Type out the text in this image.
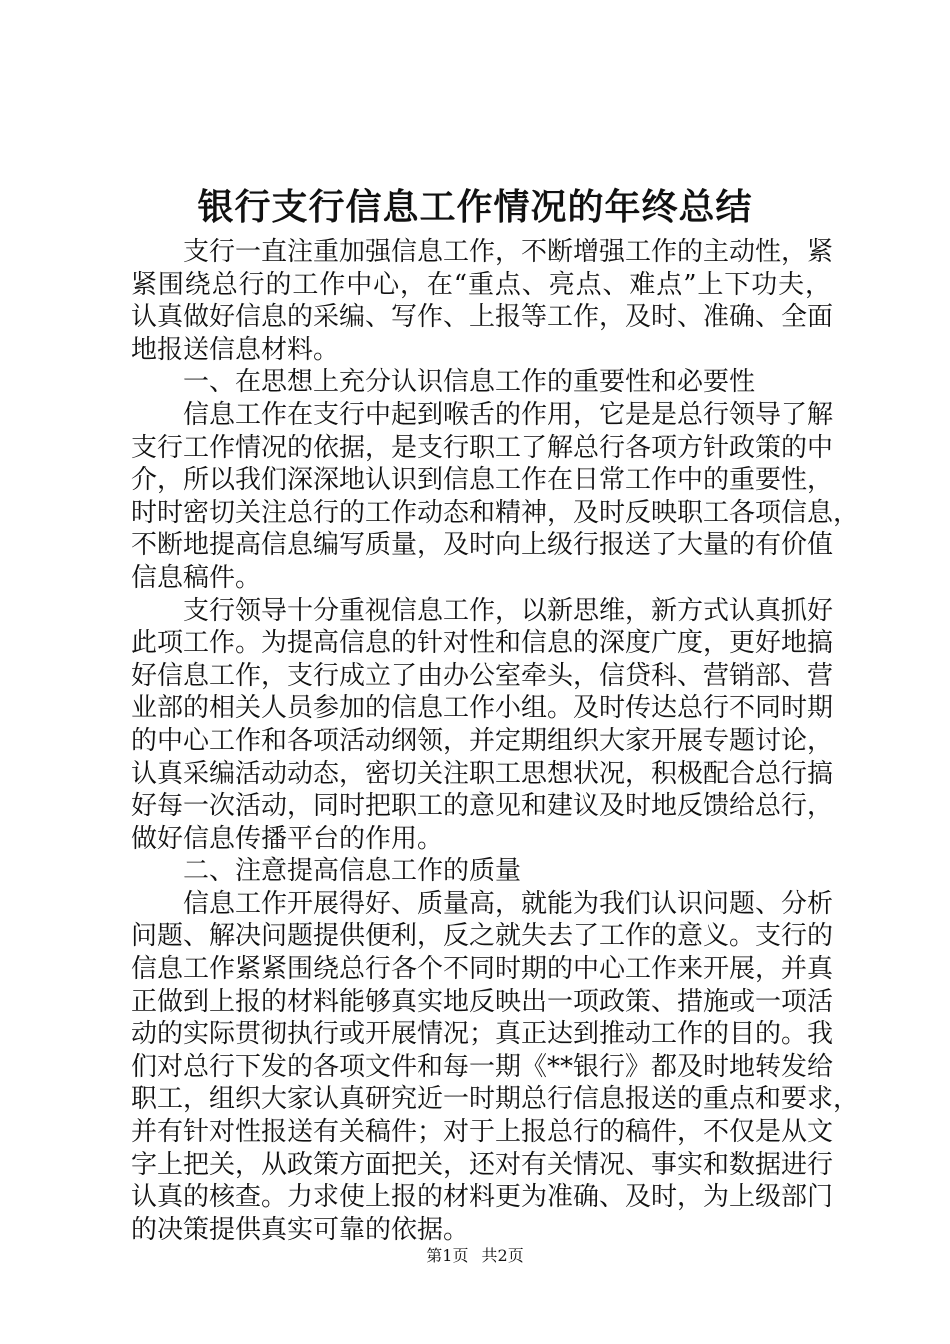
银行支行信息工作情况的年终总结
支行一直注重加强信息工作，不断增强工作的主动性，紧
紧围绕总行的工作中心，在“重点、亮点、难点”上下功夫，
认真做好信息的采编、写作、上报等工作，及时、准确、全面
地报送信息材料。
一、在思想上充分认识信息工作的重要性和必要性
信息工作在支行中起到喉舌的作用，它是是总行领导了解
支行工作情况的依据，是支行职工了解总行各项方针政策的中
介，所以我们深深地认识到信息工作在日常工作中的重要性，
时时密切关注总行的工作动态和精神，及时反映职工各项信息，
不断地提高信息编写质量，及时向上级行报送了大量的有价值
信息稿件。
支行领导十分重视信息工作，以新思维，新方式认真抓好
此项工作。为提高信息的针对性和信息的深度广度，更好地搞
好信息工作，支行成立了由办公室牵头，信贷科、营销部、营
业部的相关人员参加的信息工作小组。及时传达总行不同时期
的中心工作和各项活动纲领，并定期组织大家开展专题讨论，
认真采编活动动态，密切关注职工思想状况，积极配合总行搞
好每一次活动，同时把职工的意见和建议及时地反馈给总行，
做好信息传播平台的作用。
二、注意提高信息工作的质量
信息工作开展得好、质量高，就能为我们认识问题、分析
问题、解决问题提供便利，反之就失去了工作的意义。支行的
信息工作紧紧围绕总行各个不同时期的中心工作来开展，并真
正做到上报的材料能够真实地反映出一项政策、措施或一项活
动的实际贯彻执行或开展情况；真正达到推动工作的目的。我
们对总行下发的各项文件和每一期《**银行》都及时地转发给
职工，组织大家认真研究近一时期总行信息报送的重点和要求，
并有针对性报送有关稿件；对于上报总行的稿件，不仅是从文
字上把关，从政策方面把关，还对有关情况、事实和数据进行
认真的核查。力求使上报的材料更为准确、及时，为上级部门
的决策提供真实可靠的依据。
第1页 共2页
